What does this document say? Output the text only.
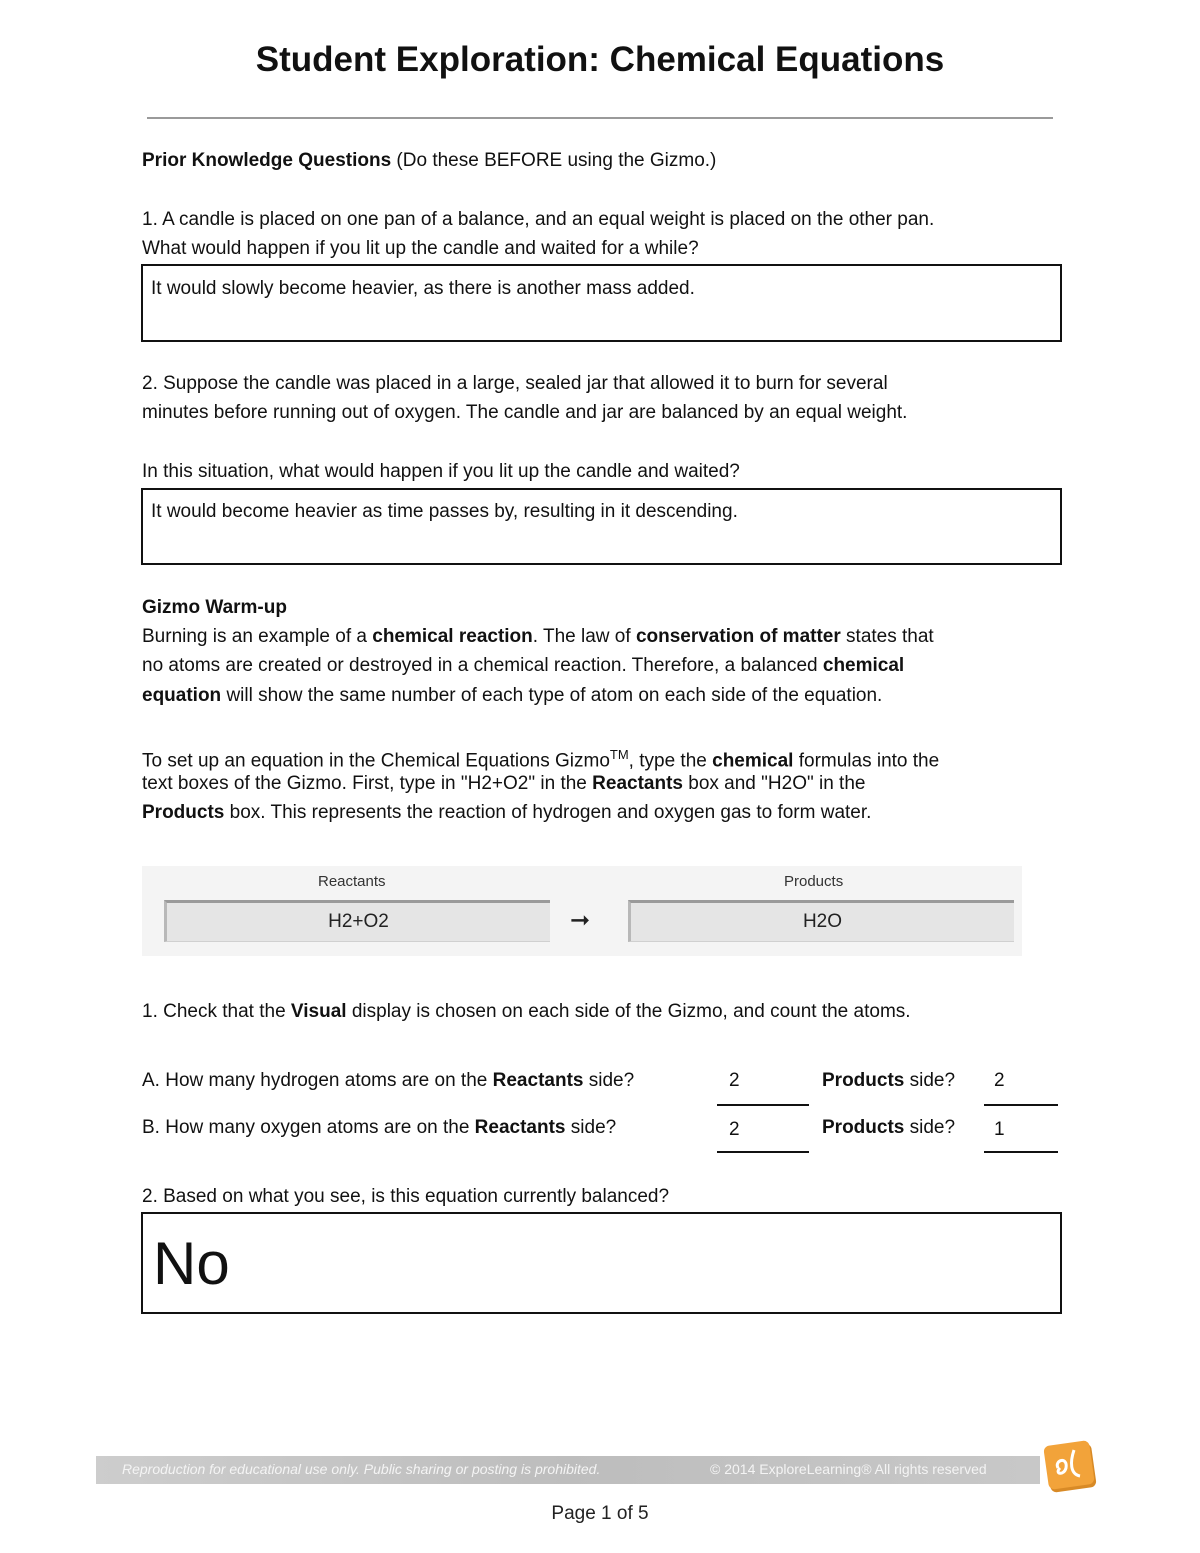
Student Exploration: Chemical Equations
Prior Knowledge Questions (Do these BEFORE using the Gizmo.)
1. A candle is placed on one pan of a balance, and an equal weight is placed on the other pan.
What would happen if you lit up the candle and waited for a while?
It would slowly become heavier, as there is another mass added.
2. Suppose the candle was placed in a large, sealed jar that allowed it to burn for several
minutes before running out of oxygen. The candle and jar are balanced by an equal weight.
In this situation, what would happen if you lit up the candle and waited?
It would become heavier as time passes by, resulting in it descending.
Gizmo Warm-up
Burning is an example of a chemical reaction. The law of conservation of matter states that
no atoms are created or destroyed in a chemical reaction. Therefore, a balanced chemical
equation will show the same number of each type of atom on each side of the equation.
To set up an equation in the Chemical Equations Gizmo™, type the chemical formulas into the
text boxes of the Gizmo. First, type in "H2+O2" in the Reactants box and "H2O" in the
Products box. This represents the reaction of hydrogen and oxygen gas to form water.
Reactants	Products
H2+O2	➞	H2O
1. Check that the Visual display is chosen on each side of the Gizmo, and count the atoms.
A. How many hydrogen atoms are on the Reactants side?	2	Products side? 2
B. How many oxygen atoms are on the Reactants side?	2	Products side? 1
2. Based on what you see, is this equation currently balanced?
No
Reproduction for educational use only. Public sharing or posting is prohibited.	© 2014 ExploreLearning® All rights reserved
Page 1 of 5
